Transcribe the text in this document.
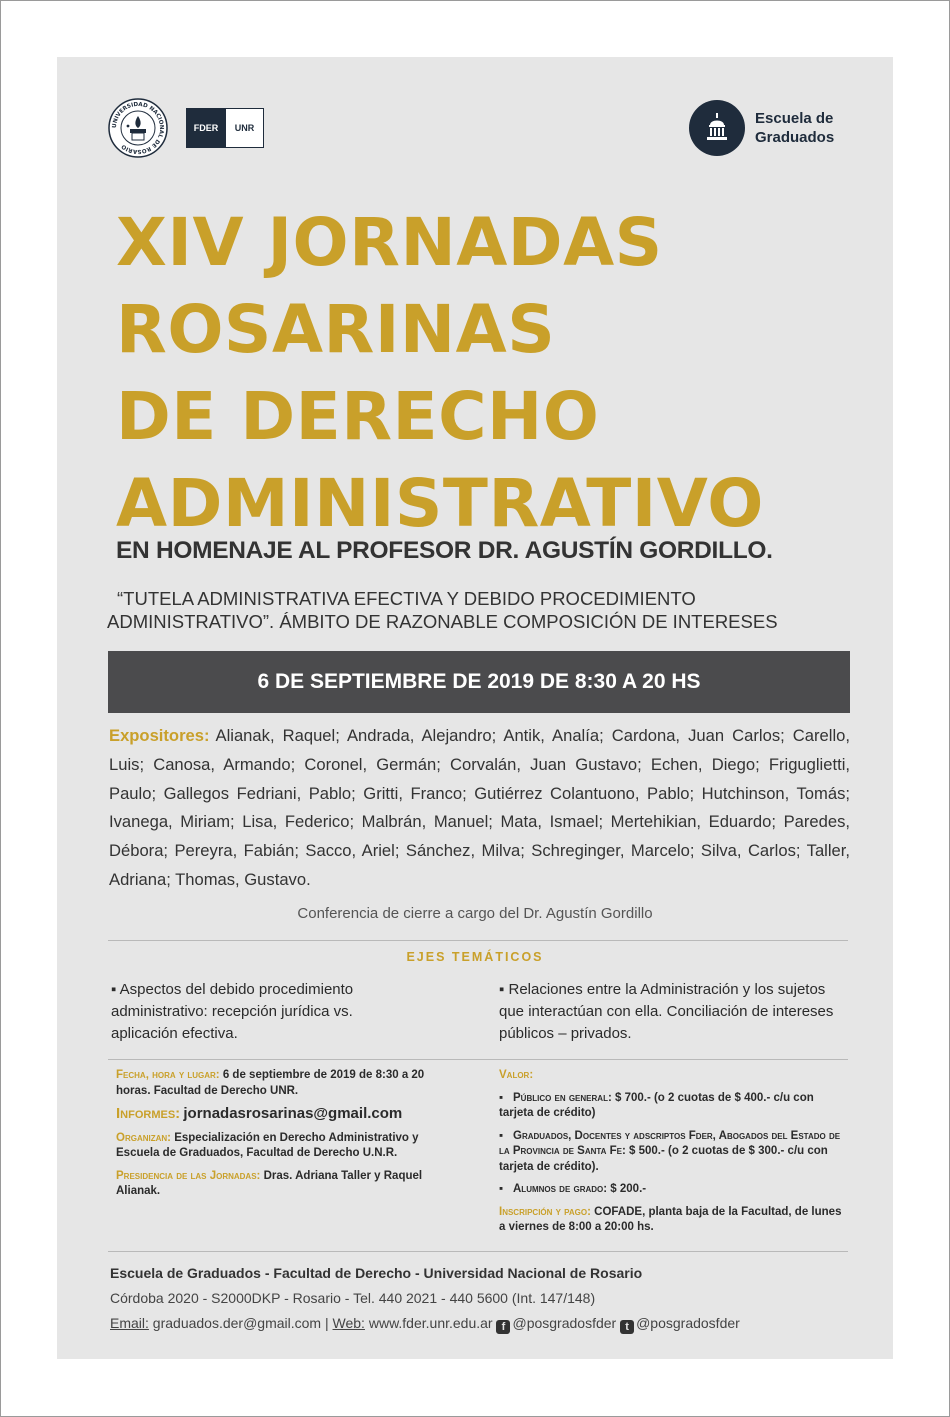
UNIVERSIDAD NACIONAL DE ROSARIO
FDER	UNR
Escuela de
Graduados
XIV JORNADAS
ROSARINAS
DE DERECHO
ADMINISTRATIVO
EN HOMENAJE AL PROFESOR DR. AGUSTÍN GORDILLO.
“TUTELA ADMINISTRATIVA EFECTIVA Y DEBIDO PROCEDIMIENTO
ADMINISTRATIVO”. ÁMBITO DE RAZONABLE COMPOSICIÓN DE INTERESES
6 DE SEPTIEMBRE DE 2019 DE 8:30 A 20 HS
Expositores: Alianak, Raquel; Andrada, Alejandro; Antik, Analía; Cardona, Juan Carlos; Carello, Luis; Canosa, Armando; Coronel, Germán; Corvalán, Juan Gustavo; Echen, Diego; Friguglietti, Paulo; Gallegos Fedriani, Pablo; Gritti, Franco; Gutiérrez Colantuono, Pablo; Hutchinson, Tomás; Ivanega, Miriam; Lisa, Federico; Malbrán, Manuel; Mata, Ismael; Mertehikian, Eduardo; Paredes, Débora; Pereyra, Fabián; Sacco, Ariel; Sánchez, Milva; Schreginger, Marcelo; Silva, Carlos; Taller, Adriana; Thomas, Gustavo.
Conferencia de cierre a cargo del Dr. Agustín Gordillo
EJES TEMÁTICOS
▪ Aspectos del debido procedimiento administrativo: recepción jurídica vs. aplicación efectiva.
▪ Relaciones entre la Administración y los sujetos que interactúan con ella. Conciliación de intereses públicos – privados.

Fecha, hora y lugar: 6 de septiembre de 2019 de 8:30 a 20 horas. Facultad de Derecho UNR.

Informes: jornadasrosarinas@gmail.com

Organizan: Especialización en Derecho Administrativo y Escuela de Graduados, Facultad de Derecho U.N.R.

Presidencia de las Jornadas: Dras. Adriana Taller y Raquel Alianak.

Valor:

▪ Público en general: $ 700.- (o 2 cuotas de $ 400.- c/u con tarjeta de crédito)

▪ Graduados, Docentes y adscriptos Fder, Abogados del Estado de la Provincia de Santa Fe: $ 500.- (o 2 cuotas de $ 300.- c/u con tarjeta de crédito).

▪ Alumnos de grado: $ 200.-

Inscripción y pago: COFADE, planta baja de la Facultad, de lunes a viernes de 8:00 a 20:00 hs.

Escuela de Graduados - Facultad de Derecho - Universidad Nacional de Rosario
Córdoba 2020 - S2000DKP - Rosario - Tel. 440 2021 - 440 5600 (Int. 147/148)
Email: graduados.der@gmail.com | Web: www.fder.unr.edu.ar f @posgradosfder t @posgradosfder
